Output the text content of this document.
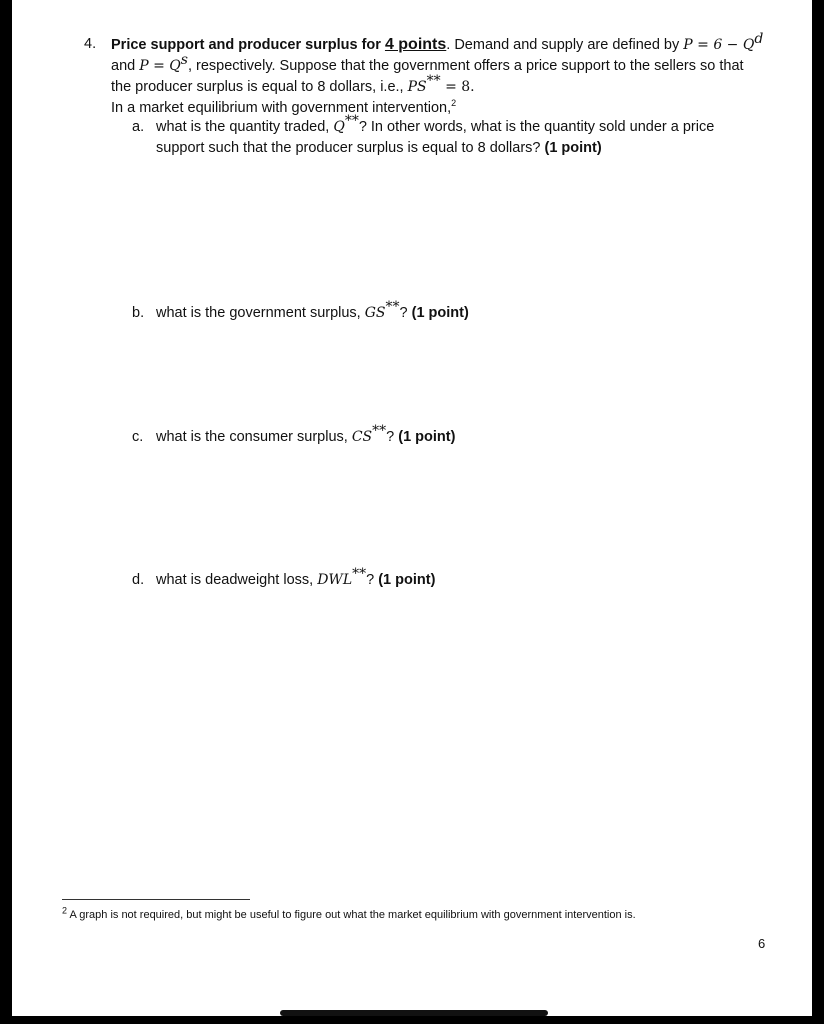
4. Price support and producer surplus for 4 points. Demand and supply are defined by $P = 6 - Q^d$ and $P = Q^s$, respectively. Suppose that the government offers a price support to the sellers so that the producer surplus is equal to 8 dollars, i.e., PS** = 8.
In a market equilibrium with government intervention,$^2$
a. what is the quantity traded, Q**? In other words, what is the quantity sold under a price support such that the producer surplus is equal to 8 dollars? (1 point)
b. what is the government surplus, GS**? (1 point)
c. what is the consumer surplus, CS**? (1 point)
d. what is deadweight loss, DWL**? (1 point)
$^2$ A graph is not required, but might be useful to figure out what the market equilibrium with government intervention is.
6
